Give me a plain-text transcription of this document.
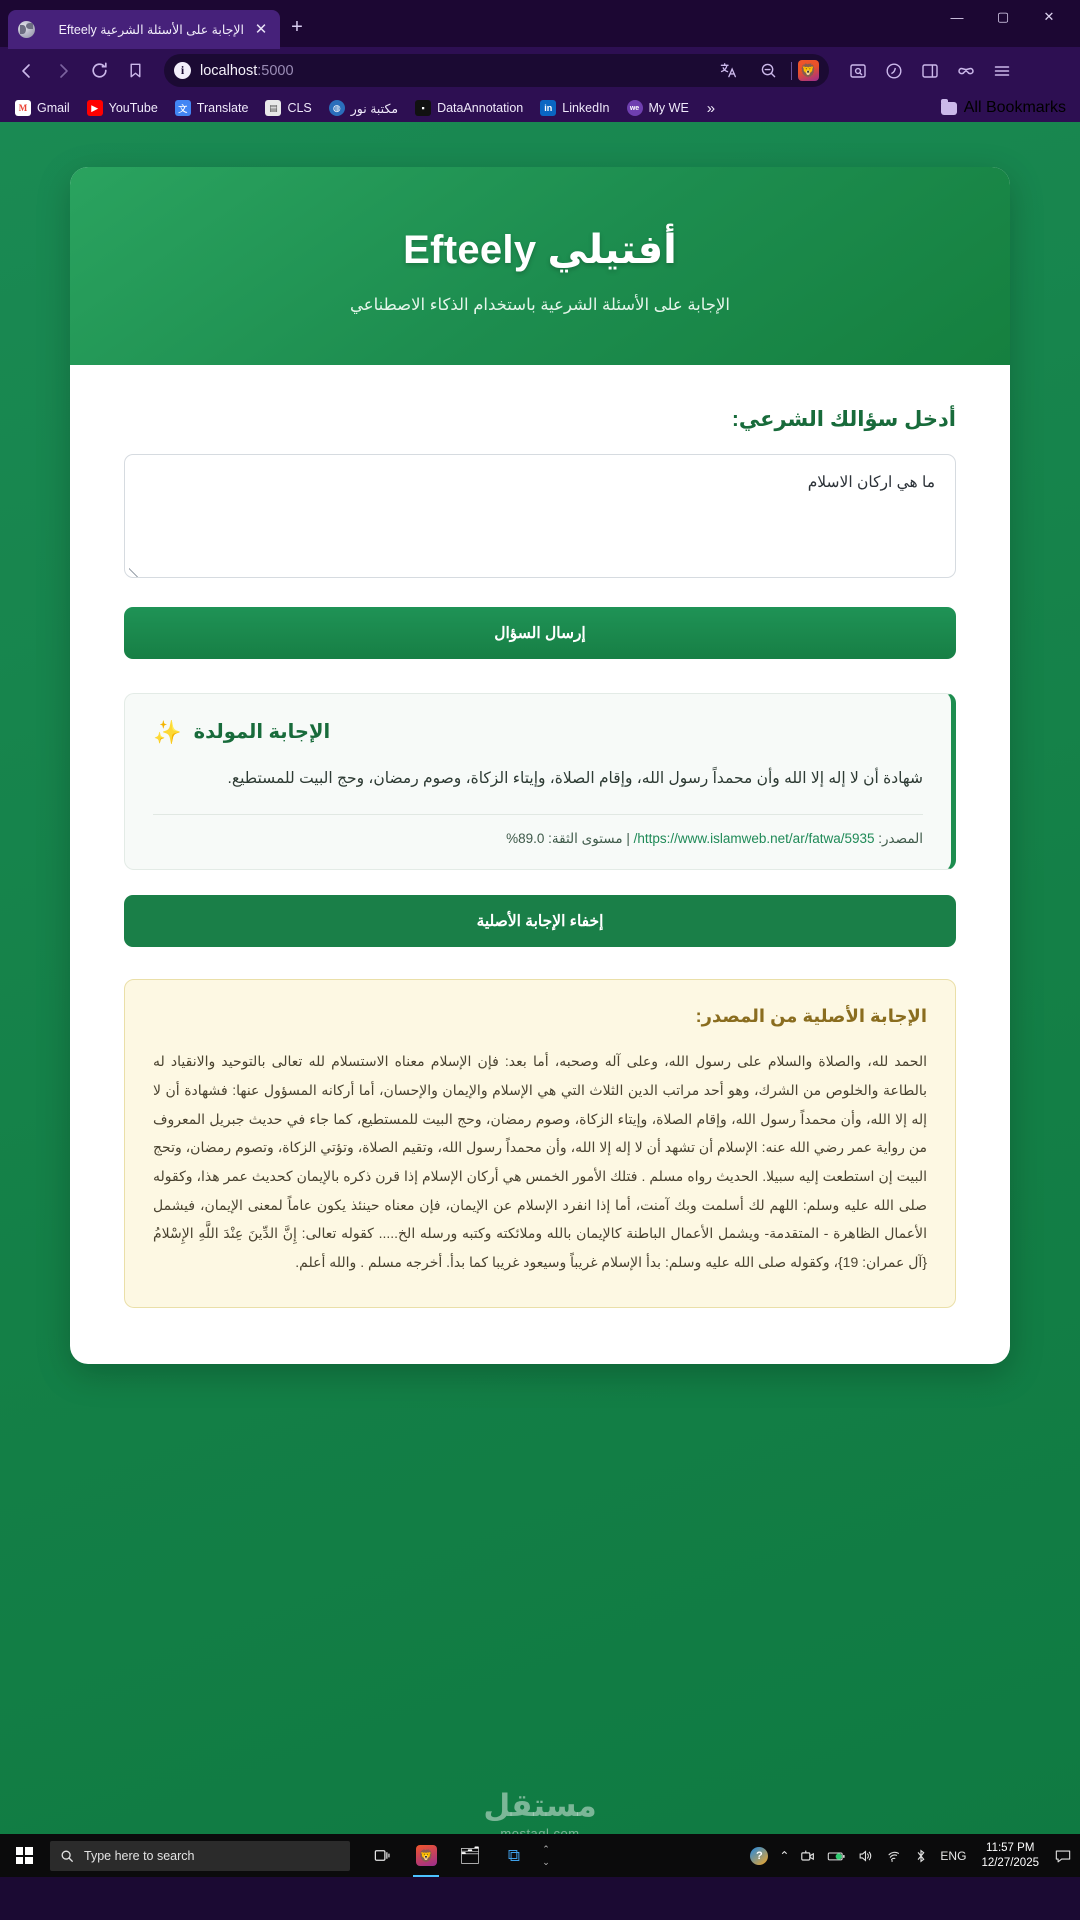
الإجابة على الأسئلة الشرعية Efteely ✕	+	—	▢	✕
i	localhost:5000	🦁
M Gmail	▶ YouTube	文 Translate	▤ CLS	◍ مكتبة نور	▪ DataAnnotation	in LinkedIn	we My WE	»	All Bookmarks
أفتيلي Efteely

الإجابة على الأسئلة الشرعية باستخدام الذكاء الاصطناعي

أدخل سؤالك الشرعي:
ما هي اركان الاسلام
إرسال السؤال
✨ الإجابة المولدة
شهادة أن لا إله إلا الله وأن محمداً رسول الله، وإقام الصلاة، وإيتاء الزكاة، وصوم رمضان، وحج البيت للمستطيع.
المصدر: https://www.islamweb.net/ar/fatwa/5935/ | مستوى الثقة: 89.0%
إخفاء الإجابة الأصلية
الإجابة الأصلية من المصدر:
الحمد لله، والصلاة والسلام على رسول الله، وعلى آله وصحبه، أما بعد: فإن الإسلام معناه الاستسلام لله تعالى بالتوحيد والانقياد له بالطاعة والخلوص من الشرك، وهو أحد مراتب الدين الثلاث التي هي الإسلام والإيمان والإحسان، أما أركانه المسؤول عنها: فشهادة أن لا إله إلا الله، وأن محمداً رسول الله، وإقام الصلاة، وإيتاء الزكاة، وصوم رمضان، وحج البيت للمستطيع، كما جاء في حديث جبريل المعروف من رواية عمر رضي الله عنه: الإسلام أن تشهد أن لا إله إلا الله، وأن محمداً رسول الله، وتقيم الصلاة، وتؤتي الزكاة، وتصوم رمضان، وتحج البيت إن استطعت إليه سبيلا. الحديث رواه مسلم . فتلك الأمور الخمس هي أركان الإسلام إذا قرن ذكره بالإيمان كحديث عمر هذا، وكقوله صلى الله عليه وسلم: اللهم لك أسلمت وبك آمنت، أما إذا انفرد الإسلام عن الإيمان، فإن معناه حينئذ يكون عاماً لمعنى الإيمان، فيشمل الأعمال الظاهرة - المتقدمة- ويشمل الأعمال الباطنة كالإيمان بالله وملائكته وكتبه ورسله الخ..... كقوله تعالى: إِنَّ الدِّينَ عِنْدَ اللَّهِ الإِسْلامُ {آل عمران: 19}، وكقوله صلى الله عليه وسلم: بدأ الإسلام غريباً وسيعود غريبا كما بدأ. أخرجه مسلم . والله أعلم.
مستقل
Type here to search	🦁 🗂 ⧉ ⌃
⌄	?	⌃	ENG
11:57 PM
12/27/2025
